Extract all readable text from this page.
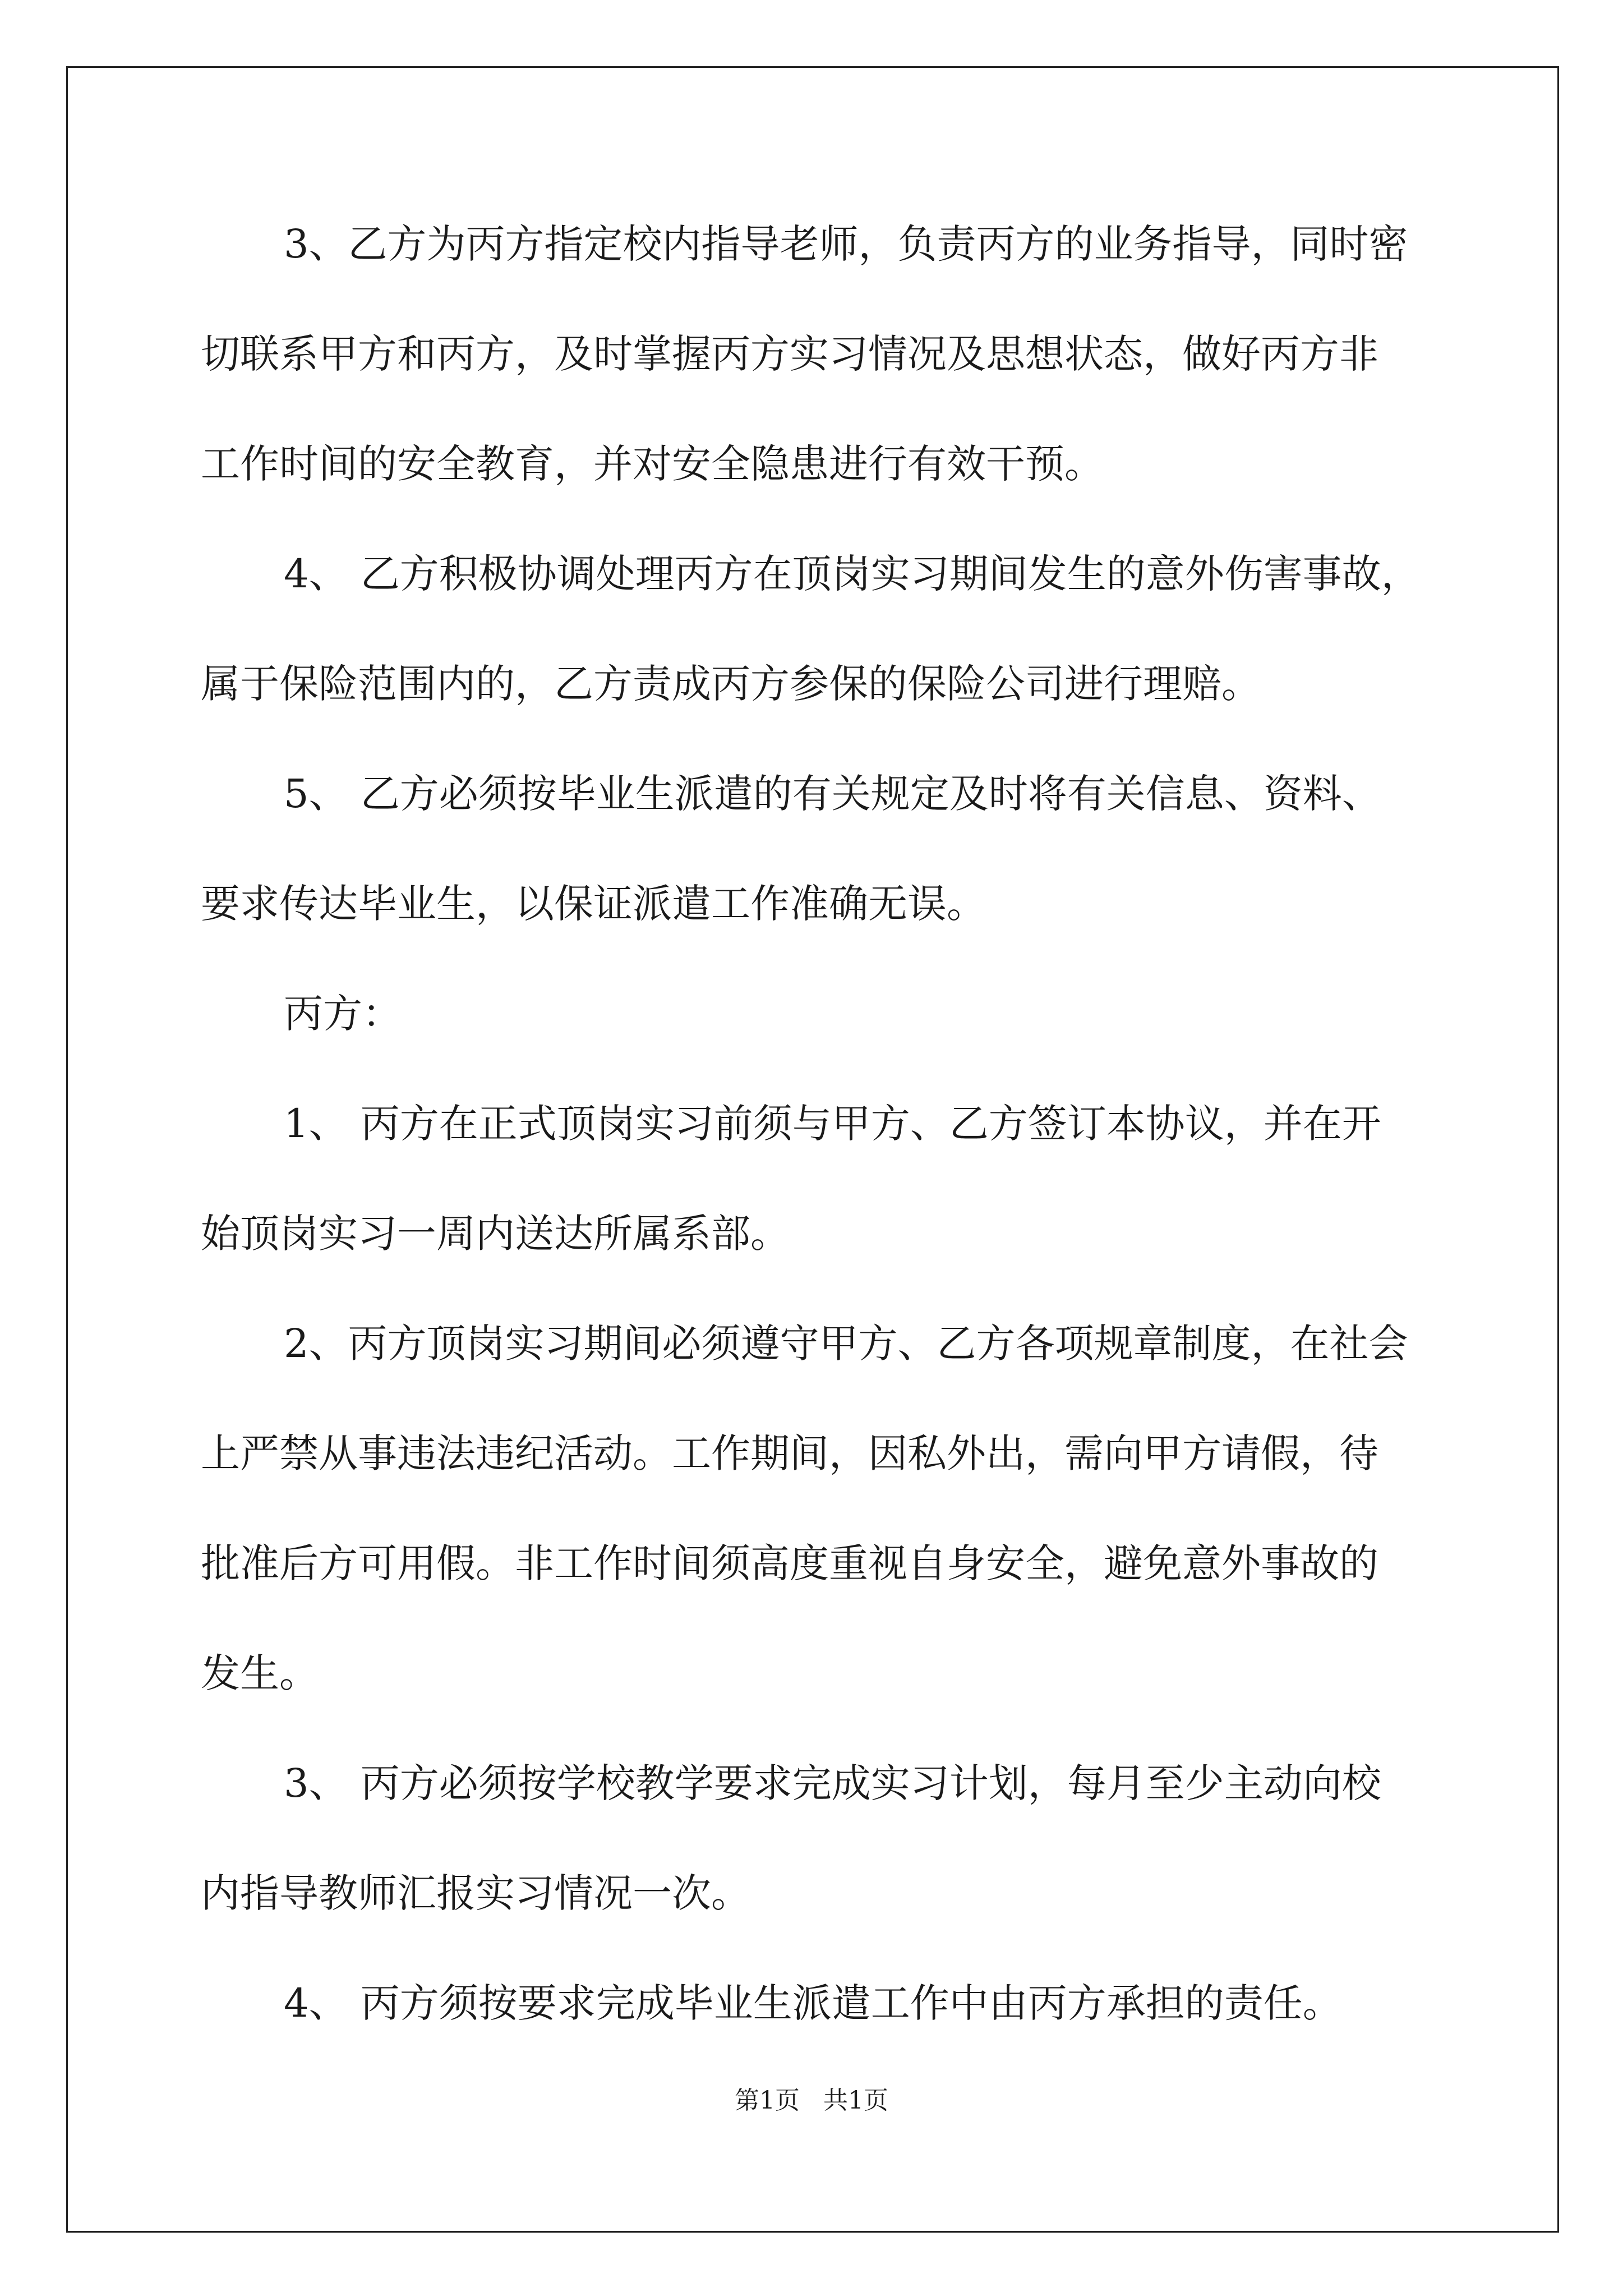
3、乙方为丙方指定校内指导老师，负责丙方的业务指导，同时密
切联系甲方和丙方，及时掌握丙方实习情况及思想状态，做好丙方非
工作时间的安全教育，并对安全隐患进行有效干预。
4、 乙方积极协调处理丙方在顶岗实习期间发生的意外伤害事故，
属于保险范围内的，乙方责成丙方参保的保险公司进行理赔。
5、 乙方必须按毕业生派遣的有关规定及时将有关信息、资料、
要求传达毕业生，以保证派遣工作准确无误。
丙方：
1、 丙方在正式顶岗实习前须与甲方、乙方签订本协议，并在开
始顶岗实习一周内送达所属系部。
2、丙方顶岗实习期间必须遵守甲方、乙方各项规章制度，在社会
上严禁从事违法违纪活动。工作期间，因私外出，需向甲方请假，待
批准后方可用假。非工作时间须高度重视自身安全，避免意外事故的
发生。
3、 丙方必须按学校教学要求完成实习计划，每月至少主动向校
内指导教师汇报实习情况一次。
4、 丙方须按要求完成毕业生派遣工作中由丙方承担的责任。
第1页   共1页
